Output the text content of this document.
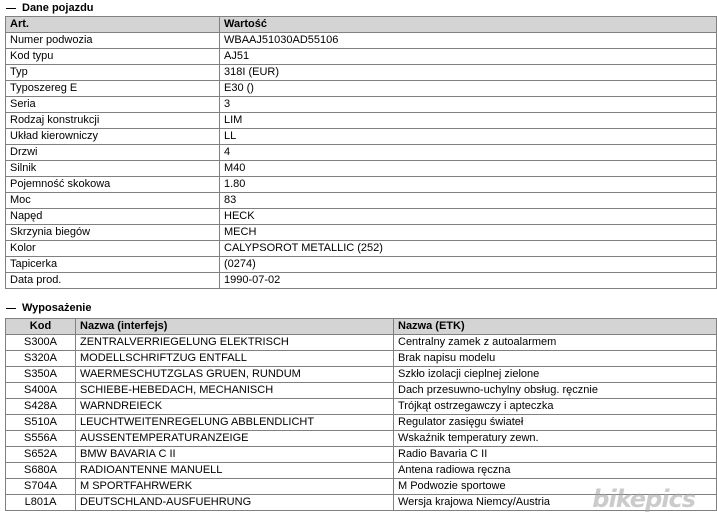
Dane pojazdu
Art.	Wartość
Numer podwozia	WBAAJ51030AD55106
Kod typu	AJ51
Typ	318I (EUR)
Typoszereg E	E30 ()
Seria	3
Rodzaj konstrukcji	LIM
Układ kierowniczy	LL
Drzwi	4
Silnik	M40
Pojemność skokowa	1.80
Moc	83
Napęd	HECK
Skrzynia biegów	MECH
Kolor	CALYPSOROT METALLIC (252)
Tapicerka	(0274)
Data prod.	1990-07-02
Wyposażenie
Kod	Nazwa (interfejs)	Nazwa (ETK)
S300A	ZENTRALVERRIEGELUNG ELEKTRISCH	Centralny zamek z autoalarmem
S320A	MODELLSCHRIFTZUG ENTFALL	Brak napisu modelu
S350A	WAERMESCHUTZGLAS GRUEN, RUNDUM	Szkło izolacji cieplnej zielone
S400A	SCHIEBE-HEBEDACH, MECHANISCH	Dach przesuwno-uchylny obsług. ręcznie
S428A	WARNDREIECK	Trójkąt ostrzegawczy i apteczka
S510A	LEUCHTWEITENREGELUNG ABBLENDLICHT	Regulator zasięgu świateł
S556A	AUSSENTEMPERATURANZEIGE	Wskaźnik temperatury zewn.
S652A	BMW BAVARIA C II	Radio Bavaria C II
S680A	RADIOANTENNE MANUELL	Antena radiowa ręczna
S704A	M SPORTFAHRWERK	M Podwozie sportowe
L801A	DEUTSCHLAND-AUSFUEHRUNG	Wersja krajowa Niemcy/Austria bikepics
